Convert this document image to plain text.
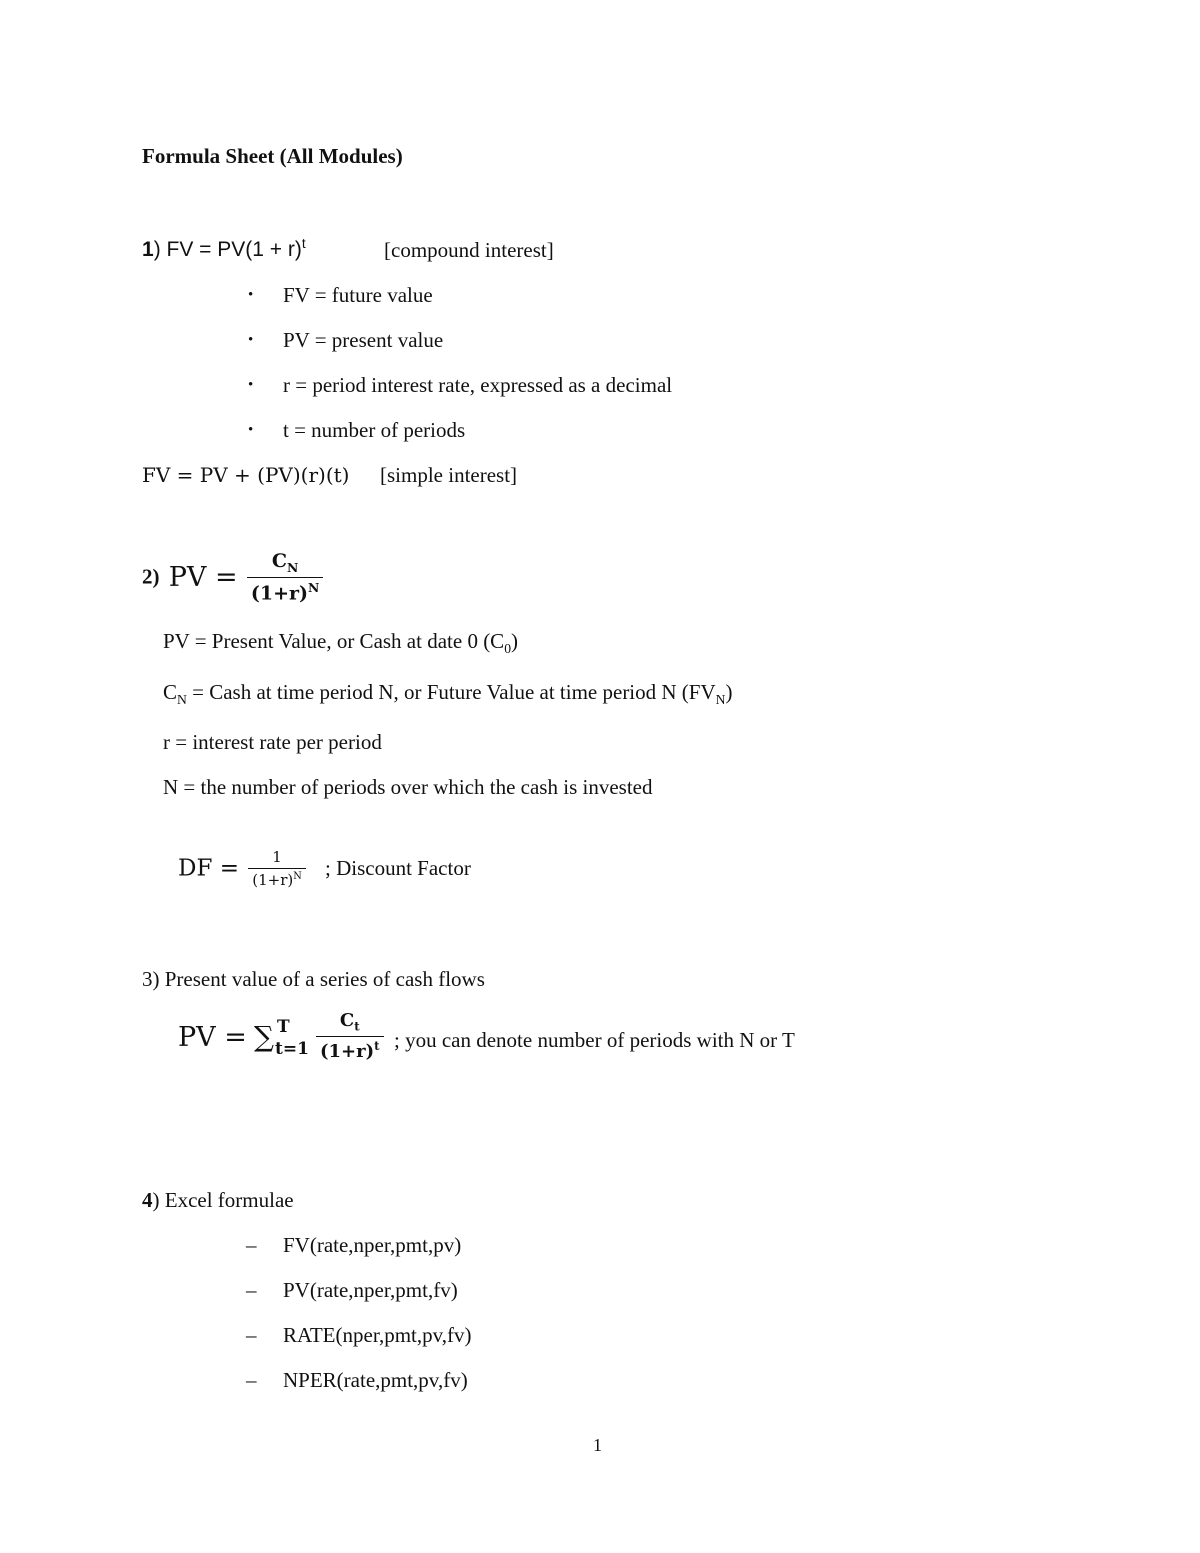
Formula Sheet (All Modules)
1) FV = $PV(1 + r)^t$	[compound interest]
• FV = future value
• PV = present value
• r = period interest rate, expressed as a decimal
• t = number of periods
FV = PV + (PV)(r)(t) [simple interest]
2) PV = $\frac{C_N}{(1+r)^N}$
PV = Present Value, or Cash at date 0 $(C_0)$
$C_N$ = Cash at time period N, or Future Value at time period N $(FV_N)$
r = interest rate per period
N = the number of periods over which the cash is invested
DF = $\frac{1}{(1+r)^N}$ ; Discount Factor
3) Present value of a series of cash flows
PV = ∑ T
$t=1 \frac{C_t}{(1+r)^t}$ ; you can denote number of periods with N or T
4) Excel formulae
– FV(rate,nper,pmt,pv)
– PV(rate,nper,pmt,fv)
– RATE(nper,pmt,pv,fv)
– NPER(rate,pmt,pv,fv)
1
